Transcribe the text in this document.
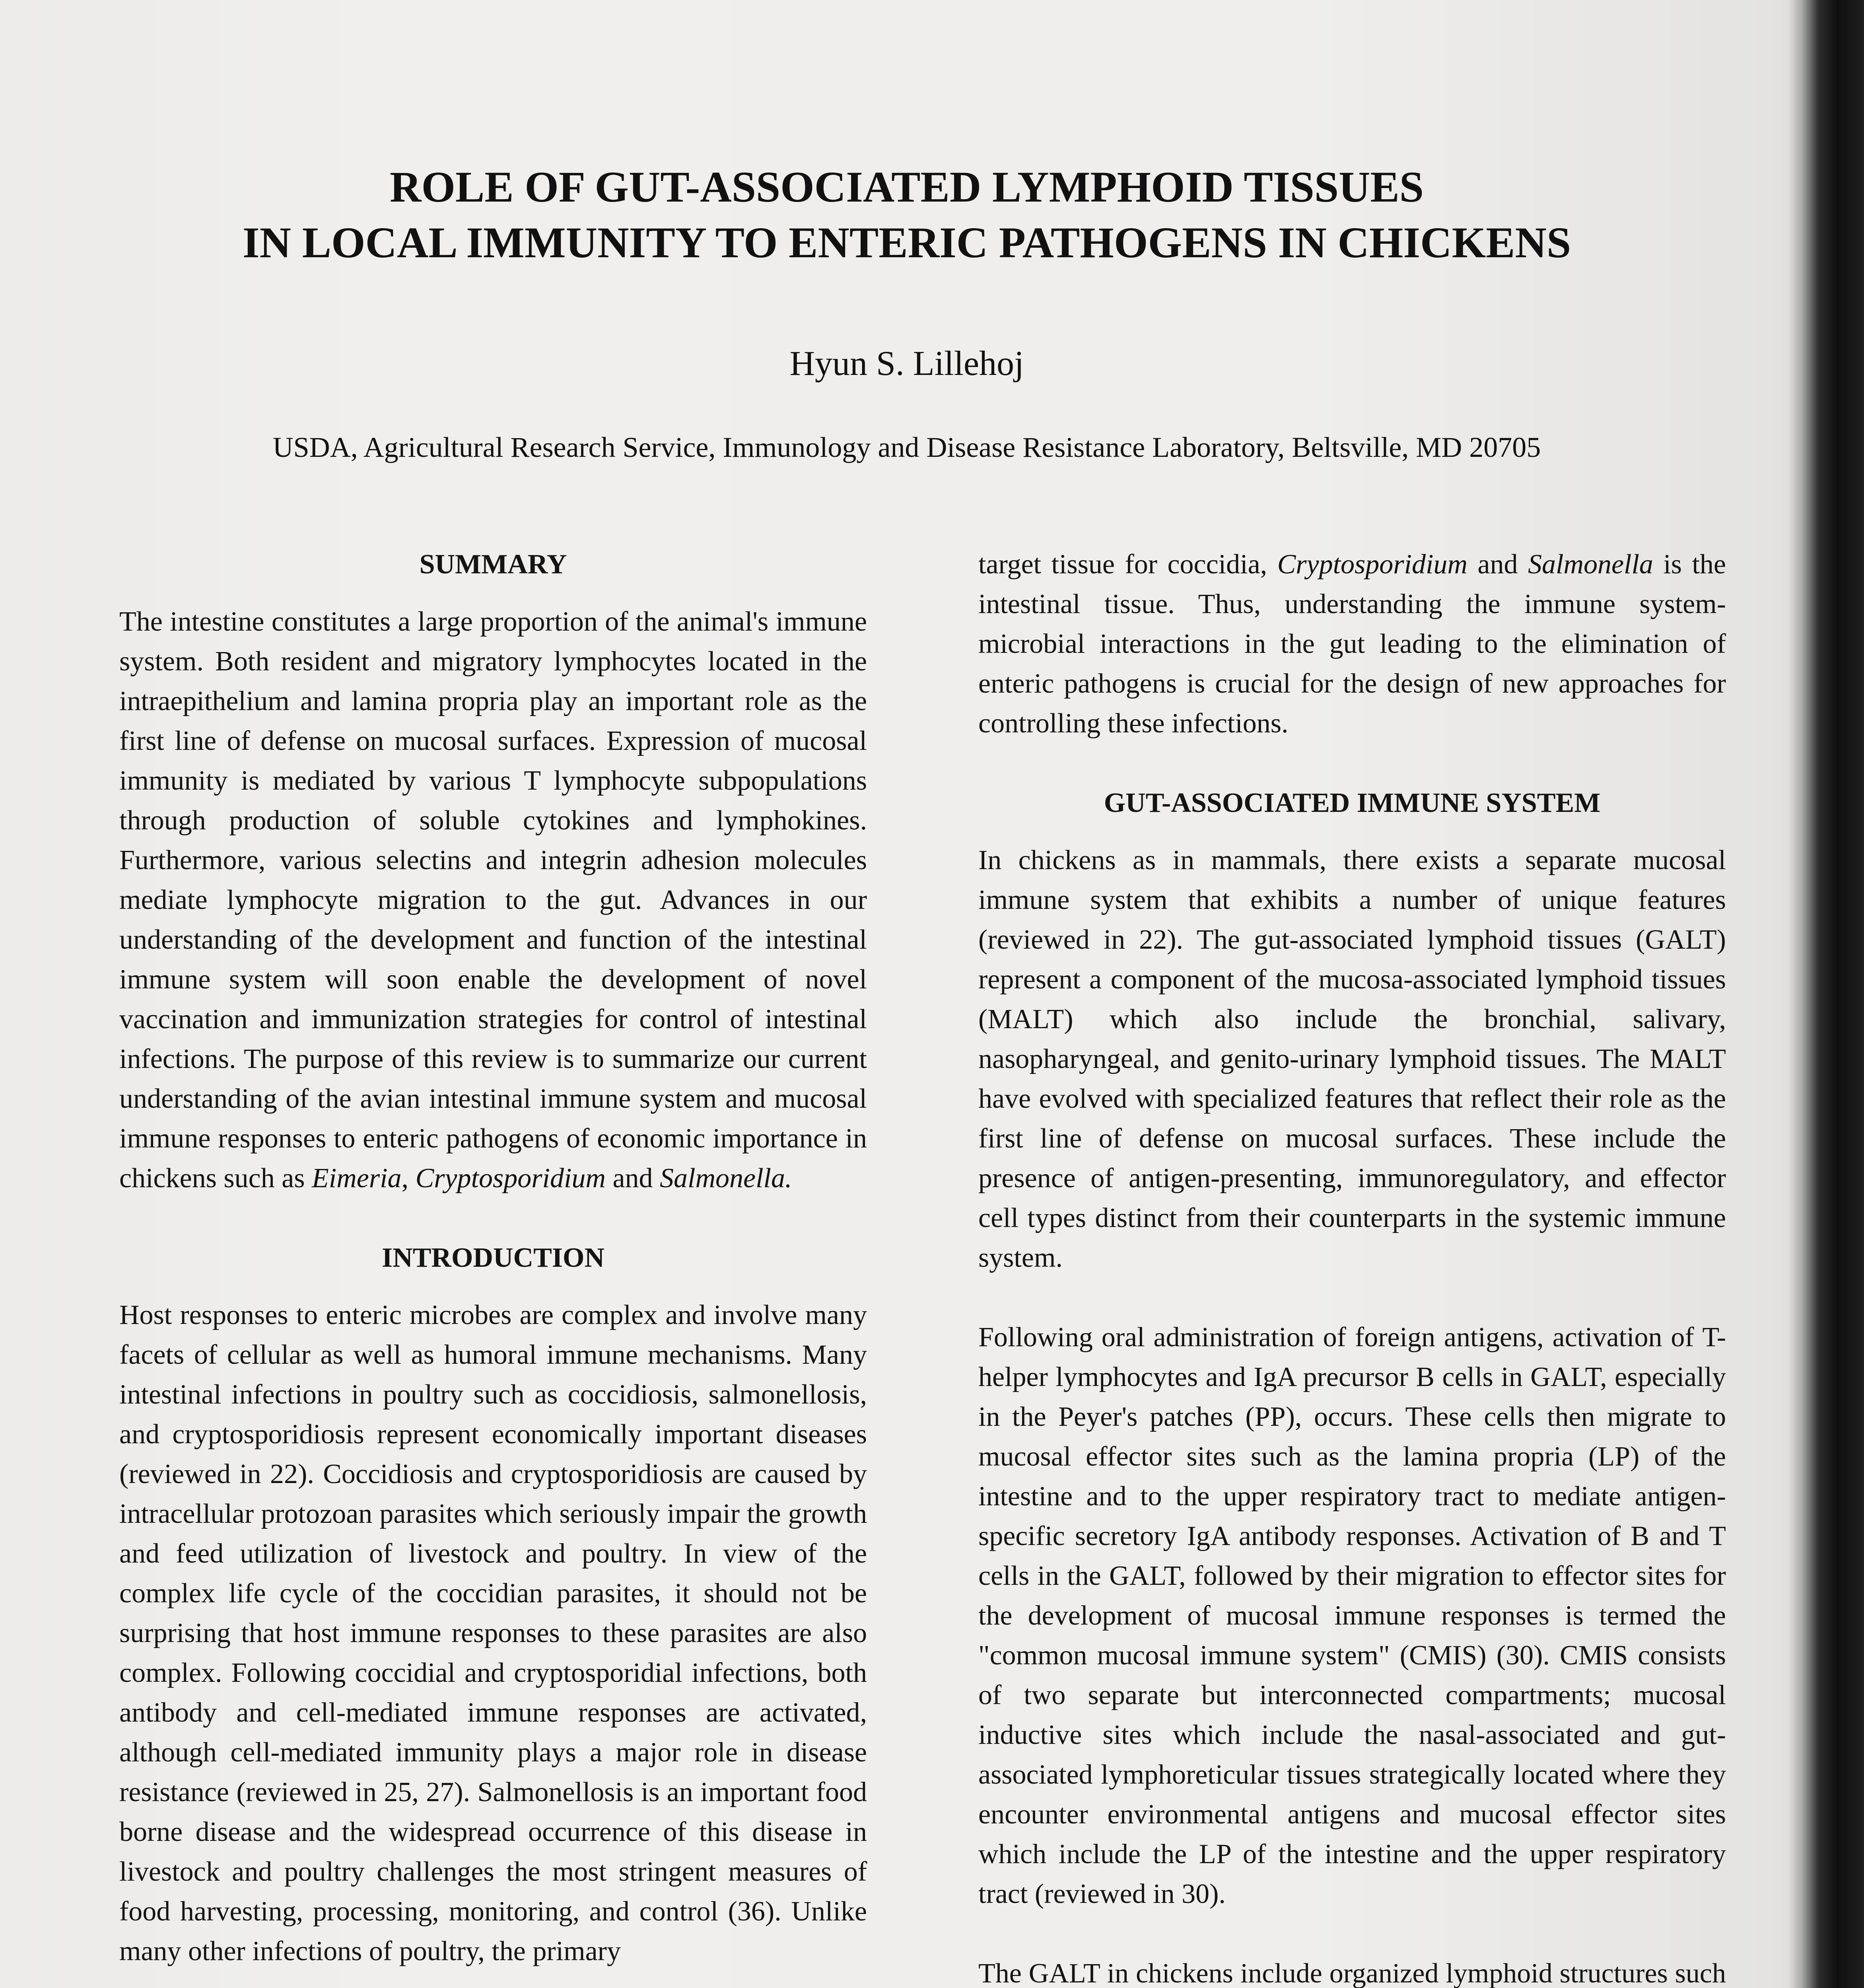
ROLE OF GUT-ASSOCIATED LYMPHOID TISSUES
IN LOCAL IMMUNITY TO ENTERIC PATHOGENS IN CHICKENS
Hyun S. Lillehoj
USDA, Agricultural Research Service, Immunology and Disease Resistance Laboratory, Beltsville, MD 20705
SUMMARY

The intestine constitutes a large proportion of the animal's immune system. Both resident and migratory lymphocytes located in the intraepithelium and lamina propria play an important role as the first line of defense on mucosal surfaces. Expression of mucosal immunity is mediated by various T lymphocyte subpopulations through production of soluble cytokines and lymphokines. Furthermore, various selectins and integrin adhesion molecules mediate lymphocyte migration to the gut. Advances in our understanding of the development and function of the intestinal immune system will soon enable the development of novel vaccination and immunization strategies for control of intestinal infections. The purpose of this review is to summarize our current understanding of the avian intestinal immune system and mucosal immune responses to enteric pathogens of economic importance in chickens such as Eimeria, Cryptosporidium and Salmonella.

INTRODUCTION

Host responses to enteric microbes are complex and involve many facets of cellular as well as humoral immune mechanisms. Many intestinal infections in poultry such as coccidiosis, salmonellosis, and cryptosporidiosis represent economically important diseases (reviewed in 22). Coccidiosis and cryptosporidiosis are caused by intracellular protozoan parasites which seriously impair the growth and feed utilization of livestock and poultry. In view of the complex life cycle of the coccidian parasites, it should not be surprising that host immune responses to these parasites are also complex. Following coccidial and cryptosporidial infections, both antibody and cell-mediated immune responses are activated, although cell-mediated immunity plays a major role in disease resistance (reviewed in 25, 27). Salmonellosis is an important food borne disease and the widespread occurrence of this disease in livestock and poultry challenges the most stringent measures of food harvesting, processing, monitoring, and control (36). Unlike many other infections of poultry, the primary

target tissue for coccidia, Cryptosporidium and Salmonella is the intestinal tissue. Thus, understanding the immune system-microbial interactions in the gut leading to the elimination of enteric pathogens is crucial for the design of new approaches for controlling these infections.

GUT-ASSOCIATED IMMUNE SYSTEM

In chickens as in mammals, there exists a separate mucosal immune system that exhibits a number of unique features (reviewed in 22). The gut-associated lymphoid tissues (GALT) represent a component of the mucosa-associated lymphoid tissues (MALT) which also include the bronchial, salivary, nasopharyngeal, and genito-urinary lymphoid tissues. The MALT have evolved with specialized features that reflect their role as the first line of defense on mucosal surfaces. These include the presence of antigen-presenting, immunoregulatory, and effector cell types distinct from their counterparts in the systemic immune system.

Following oral administration of foreign antigens, activation of T-helper lymphocytes and IgA precursor B cells in GALT, especially in the Peyer's patches (PP), occurs. These cells then migrate to mucosal effector sites such as the lamina propria (LP) of the intestine and to the upper respiratory tract to mediate antigen-specific secretory IgA antibody responses. Activation of B and T cells in the GALT, followed by their migration to effector sites for the development of mucosal immune responses is termed the "common mucosal immune system" (CMIS) (30). CMIS consists of two separate but interconnected compartments; mucosal inductive sites which include the nasal-associated and gut-associated lymphoreticular tissues strategically located where they encounter environmental antigens and mucosal effector sites which include the LP of the intestine and the upper respiratory tract (reviewed in 30).

The GALT in chickens include organized lymphoid structures such
